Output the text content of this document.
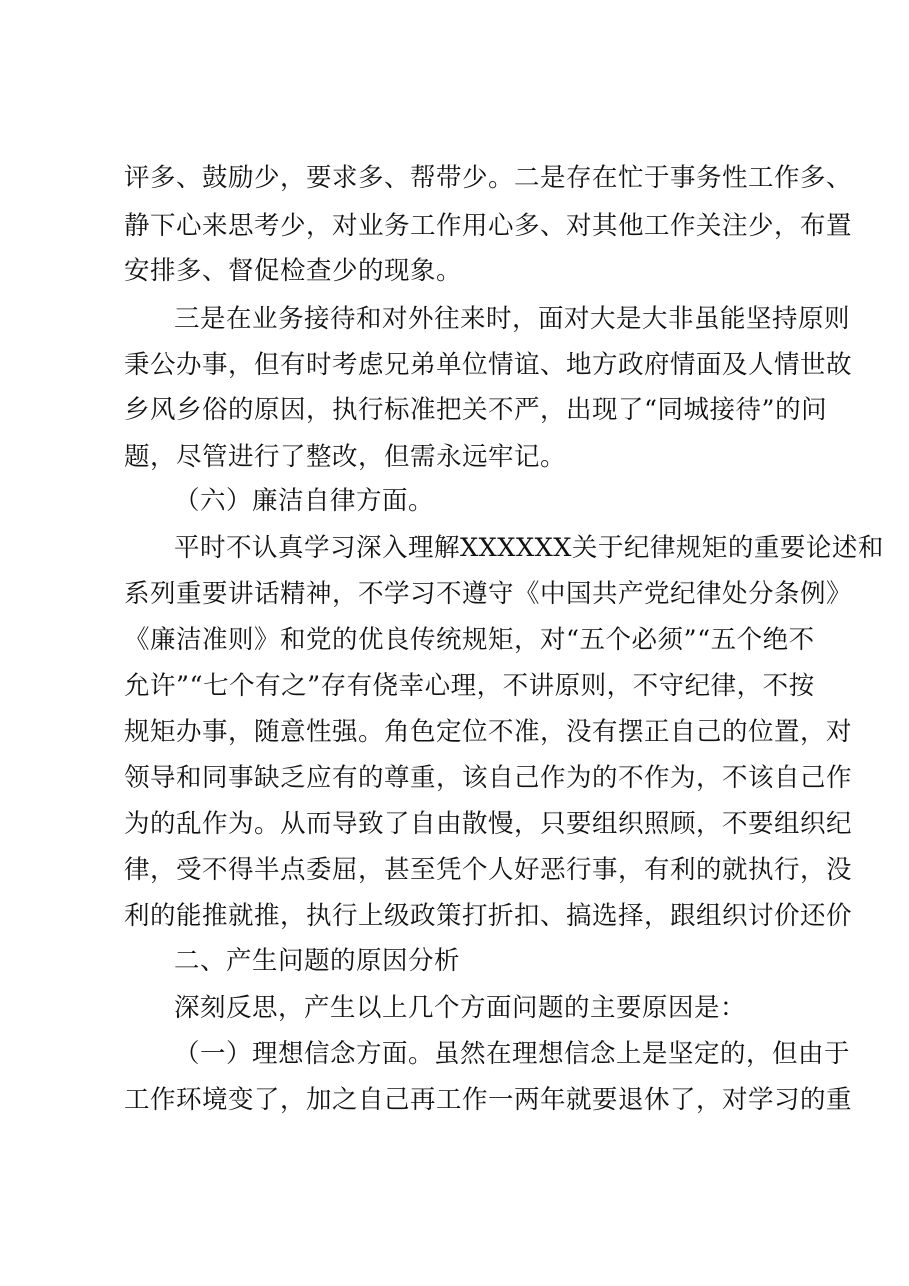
评多、鼓励少，要求多、帮带少。二是存在忙于事务性工作多、
静下心来思考少，对业务工作用心多、对其他工作关注少，布置
安排多、督促检查少的现象。
三是在业务接待和对外往来时，面对大是大非虽能坚持原则
秉公办事，但有时考虑兄弟单位情谊、地方政府情面及人情世故
乡风乡俗的原因，执行标准把关不严，出现了“同城接待”的问
题，尽管进行了整改，但需永远牢记。
（六）廉洁自律方面。
平时不认真学习深入理解XXXXXX关于纪律规矩的重要论述和
系列重要讲话精神，不学习不遵守《中国共产党纪律处分条例》
《廉洁准则》和党的优良传统规矩，对“五个必须”“五个绝不
允许”“七个有之”存有侥幸心理，不讲原则，不守纪律，不按
规矩办事，随意性强。角色定位不准，没有摆正自己的位置，对
领导和同事缺乏应有的尊重，该自己作为的不作为，不该自己作
为的乱作为。从而导致了自由散慢，只要组织照顾，不要组织纪
律，受不得半点委屈，甚至凭个人好恶行事，有利的就执行，没
利的能推就推，执行上级政策打折扣、搞选择，跟组织讨价还价
二、产生问题的原因分析
深刻反思，产生以上几个方面问题的主要原因是：
（一）理想信念方面。虽然在理想信念上是坚定的，但由于
工作环境变了，加之自己再工作一两年就要退休了，对学习的重
